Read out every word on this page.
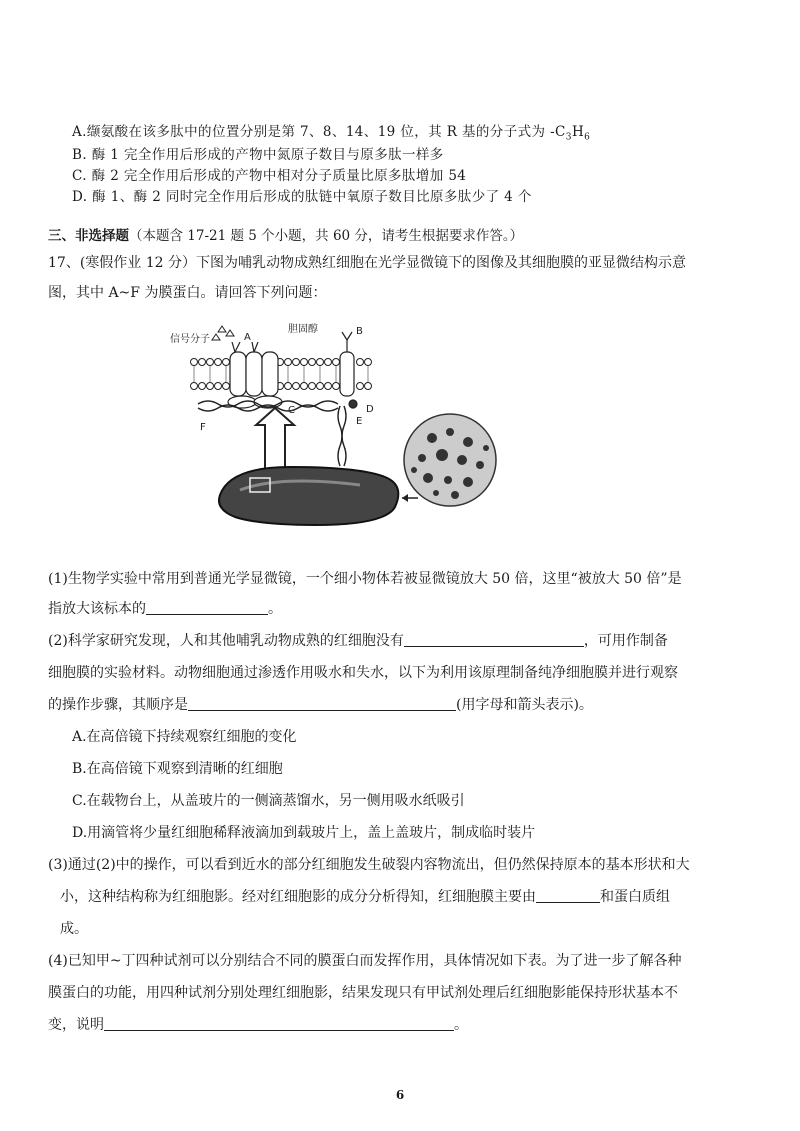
A.缬氨酸在该多肽中的位置分别是第 7、8、14、19 位，其 R 基的分子式为 $-C_3H_6$
B. 酶 1 完全作用后形成的产物中氮原子数目与原多肽一样多
C. 酶 2 完全作用后形成的产物中相对分子质量比原多肽增加 54
D. 酶 1、酶 2 同时完全作用后形成的肽链中氧原子数目比原多肽少了 4 个
三、非选择题（本题含 17-21 题 5 个小题，共 60 分，请考生根据要求作答。）
17、(寒假作业 12 分）下图为哺乳动物成熟红细胞在光学显微镜下的图像及其细胞膜的亚显微结构示意
图，其中 A~F 为膜蛋白。请回答下列问题：
信号分子	A
胆固醇	B
C	D
E
F
(1)生物学实验中常用到普通光学显微镜，一个细小物体若被显微镜放大 50 倍，这里“被放大 50 倍”是
指放大该标本的	。
(2)科学家研究发现，人和其他哺乳动物成熟的红细胞没有	，可用作制备
细胞膜的实验材料。动物细胞通过渗透作用吸水和失水，以下为利用该原理制备纯净细胞膜并进行观察
的操作步骤，其顺序是	(用字母和箭头表示)。
A.在高倍镜下持续观察红细胞的变化
B.在高倍镜下观察到清晰的红细胞
C.在载物台上，从盖玻片的一侧滴蒸馏水，另一侧用吸水纸吸引
D.用滴管将少量红细胞稀释液滴加到载玻片上，盖上盖玻片，制成临时装片
(3)通过(2)中的操作，可以看到近水的部分红细胞发生破裂内容物流出，但仍然保持原本的基本形状和大
小，这种结构称为红细胞影。经对红细胞影的成分分析得知，红细胞膜主要由	和蛋白质组
成。
(4)已知甲~丁四种试剂可以分别结合不同的膜蛋白而发挥作用，具体情况如下表。为了进一步了解各种
膜蛋白的功能，用四种试剂分别处理红细胞影，结果发现只有甲试剂处理后红细胞影能保持形状基本不
变，说明	。
6
